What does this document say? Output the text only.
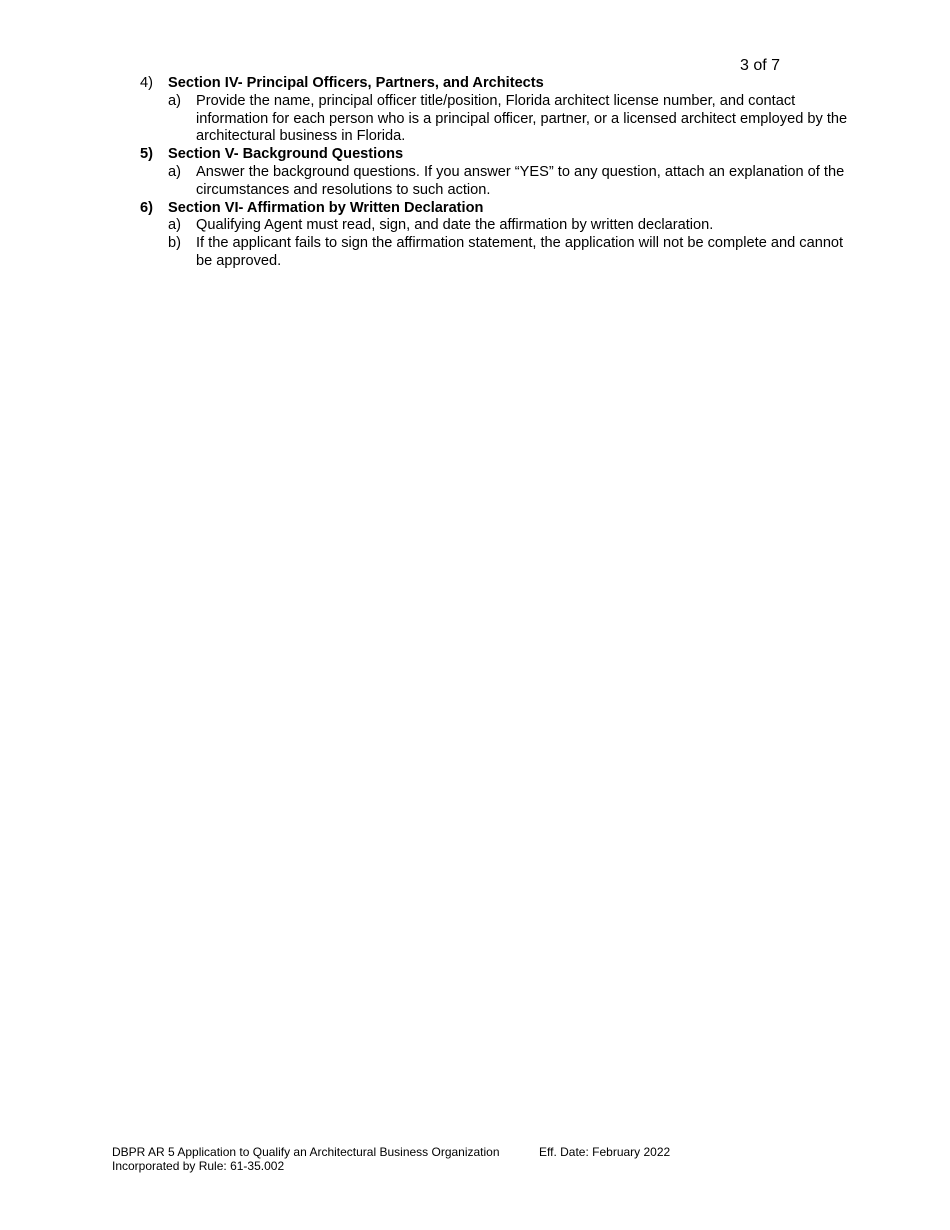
3 of 7
4)	Section IV- Principal Officers, Partners, and Architects
a)	Provide the name, principal officer title/position, Florida architect license number, and contact information for each person who is a principal officer, partner, or a licensed architect employed by the architectural business in Florida.
5)	Section V- Background Questions
a)	Answer the background questions. If you answer “YES” to any question, attach an explanation of the circumstances and resolutions to such action.
6)	Section VI- Affirmation by Written Declaration
a)	Qualifying Agent must read, sign, and date the affirmation by written declaration.
b)	If the applicant fails to sign the affirmation statement, the application will not be complete and cannot be approved.
DBPR AR 5 Application to Qualify an Architectural Business Organization	Eff. Date: February 2022
Incorporated by Rule: 61-35.002
